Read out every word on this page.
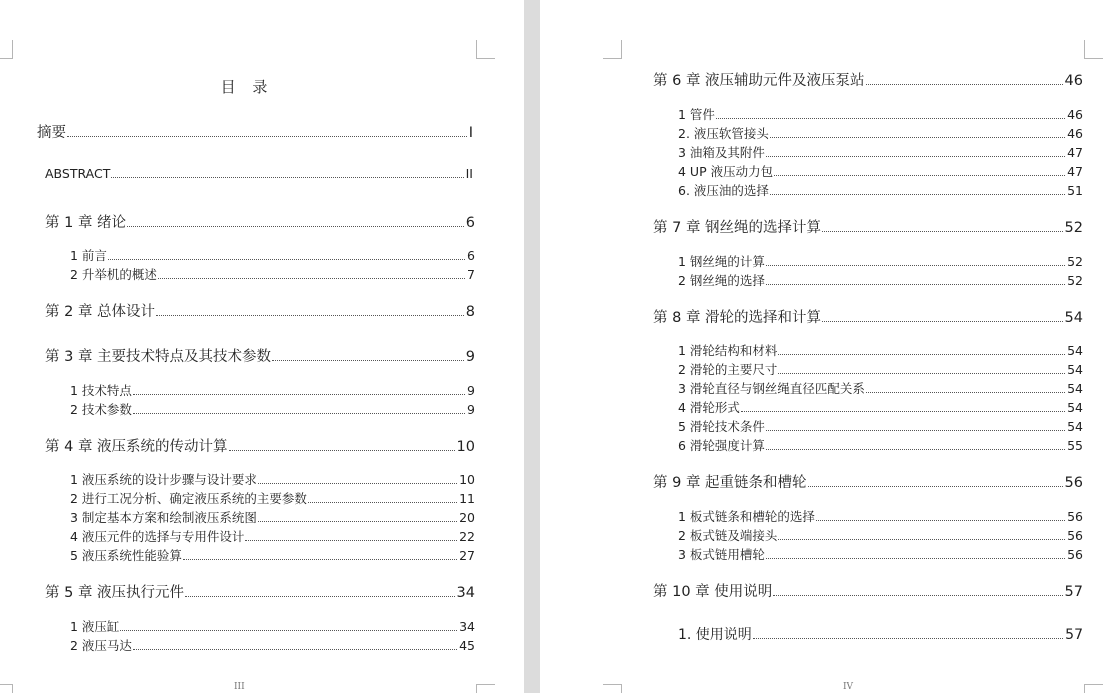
目 录
摘要	I
ABSTRACT	II
第 1 章 绪论	6
1 前言	6
2 升举机的概述	7
第 2 章 总体设计	8
第 3 章 主要技术特点及其技术参数	9
1 技术特点	9
2 技术参数	9
第 4 章 液压系统的传动计算	10
1 液压系统的设计步骤与设计要求	10
2 进行工况分析、确定液压系统的主要参数	11
3 制定基本方案和绘制液压系统图	20
4 液压元件的选择与专用件设计	22
5 液压系统性能验算	27
第 5 章 液压执行元件	34
1 液压缸	34
2 液压马达	45
III
第 6 章 液压辅助元件及液压泵站	46
1 管件	46
2. 液压软管接头	46
3 油箱及其附件	47
4 UP 液压动力包	47
6. 液压油的选择	51
第 7 章 钢丝绳的选择计算	52
1 钢丝绳的计算	52
2 钢丝绳的选择	52
第 8 章 滑轮的选择和计算	54
1 滑轮结构和材料	54
2 滑轮的主要尺寸	54
3 滑轮直径与钢丝绳直径匹配关系	54
4 滑轮形式	54
5 滑轮技术条件	54
6 滑轮强度计算	55
第 9 章 起重链条和槽轮	56
1 板式链条和槽轮的选择	56
2 板式链及端接头	56
3 板式链用槽轮	56
第 10 章 使用说明	57
1. 使用说明	57
IV
